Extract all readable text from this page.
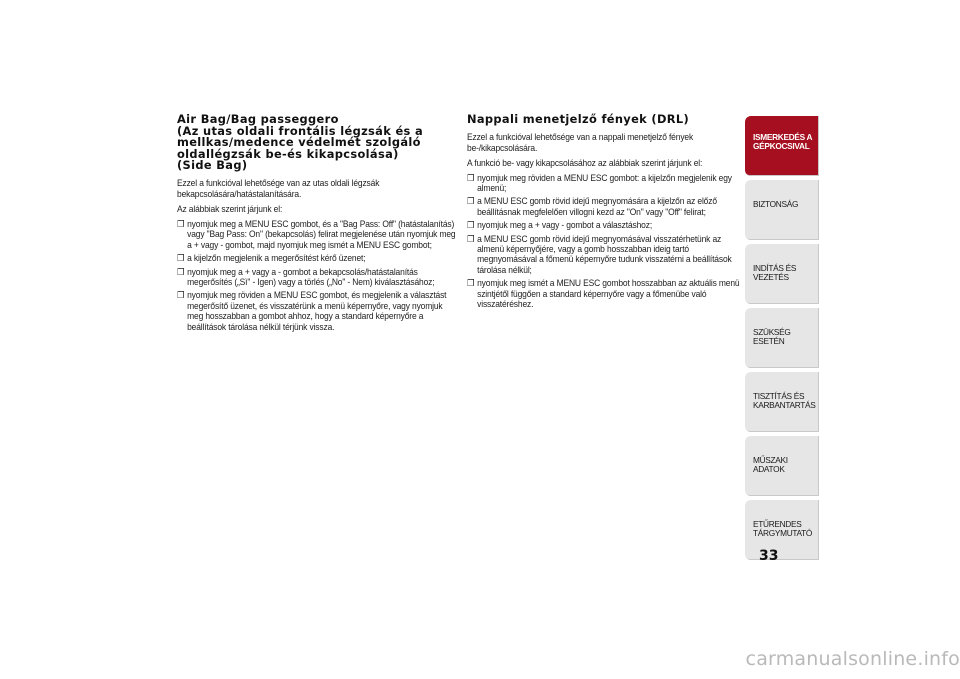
Air Bag/Bag passeggero
(Az utas oldali frontális légzsák és a
mellkas/medence védelmét szolgáló
oldallégzsák be-és kikapcsolása)
(Side Bag)

Ezzel a funkcióval lehetősége van az utas oldali légzsák bekapcsolására/hatástalanítására.

Az alábbiak szerint járjunk el:

❒ nyomjuk meg a MENU ESC gombot, és a "Bag Pass: Off" (hatástalanítás) vagy "Bag Pass: On" (bekapcsolás) felirat megjelenése után nyomjuk meg a + vagy - gombot, majd nyomjuk meg ismét a MENU ESC gombot;
❒ a kijelzőn megjelenik a megerősítést kérő üzenet;
❒ nyomjuk meg a + vagy a - gombot a bekapcsolás/hatástalanítás megerősítés („Sì" - Igen) vagy a törlés („No" - Nem) kiválasztásához;
❒ nyomjuk meg röviden a MENU ESC gombot, és megjelenik a választást megerősítő üzenet, és visszatérünk a menü képernyőre, vagy nyomjuk meg hosszabban a gombot ahhoz, hogy a standard képernyőre a beállítások tárolása nélkül térjünk vissza.
Nappali menetjelző fények (DRL)

Ezzel a funkcióval lehetősége van a nappali menetjelző fények be-/kikapcsolására.

A funkció be- vagy kikapcsolásához az alábbiak szerint járjunk el:

❒ nyomjuk meg röviden a MENU ESC gombot: a kijelzőn megjelenik egy almenü;
❒ a MENU ESC gomb rövid idejű megnyomására a kijelzőn az előző beállításnak megfelelően villogni kezd az "On" vagy "Off" felirat;
❒ nyomjuk meg a + vagy - gombot a választáshoz;
❒ a MENU ESC gomb rövid idejű megnyomásával visszatérhetünk az almenü képernyőjére, vagy a gomb hosszabban ideig tartó megnyomásával a főmenü képernyőre tudunk visszatérni a beállítások tárolása nélkül;
❒ nyomjuk meg ismét a MENU ESC gombot hosszabban az aktuális menü szintjétől függően a standard képernyőre vagy a főmenübe való visszatéréshez.
ISMERKEDÉS A
GÉPKOCSIVAL
BIZTONSÁG
INDÍTÁS ÉS VEZETÉS
SZÜKSÉG ESETÉN
TISZTÍTÁS ÉS
KARBANTARTÁS
MŰSZAKI ADATOK
ETŰRENDES
TÁRGYMUTATÓ
33
carmanualsonline.info
